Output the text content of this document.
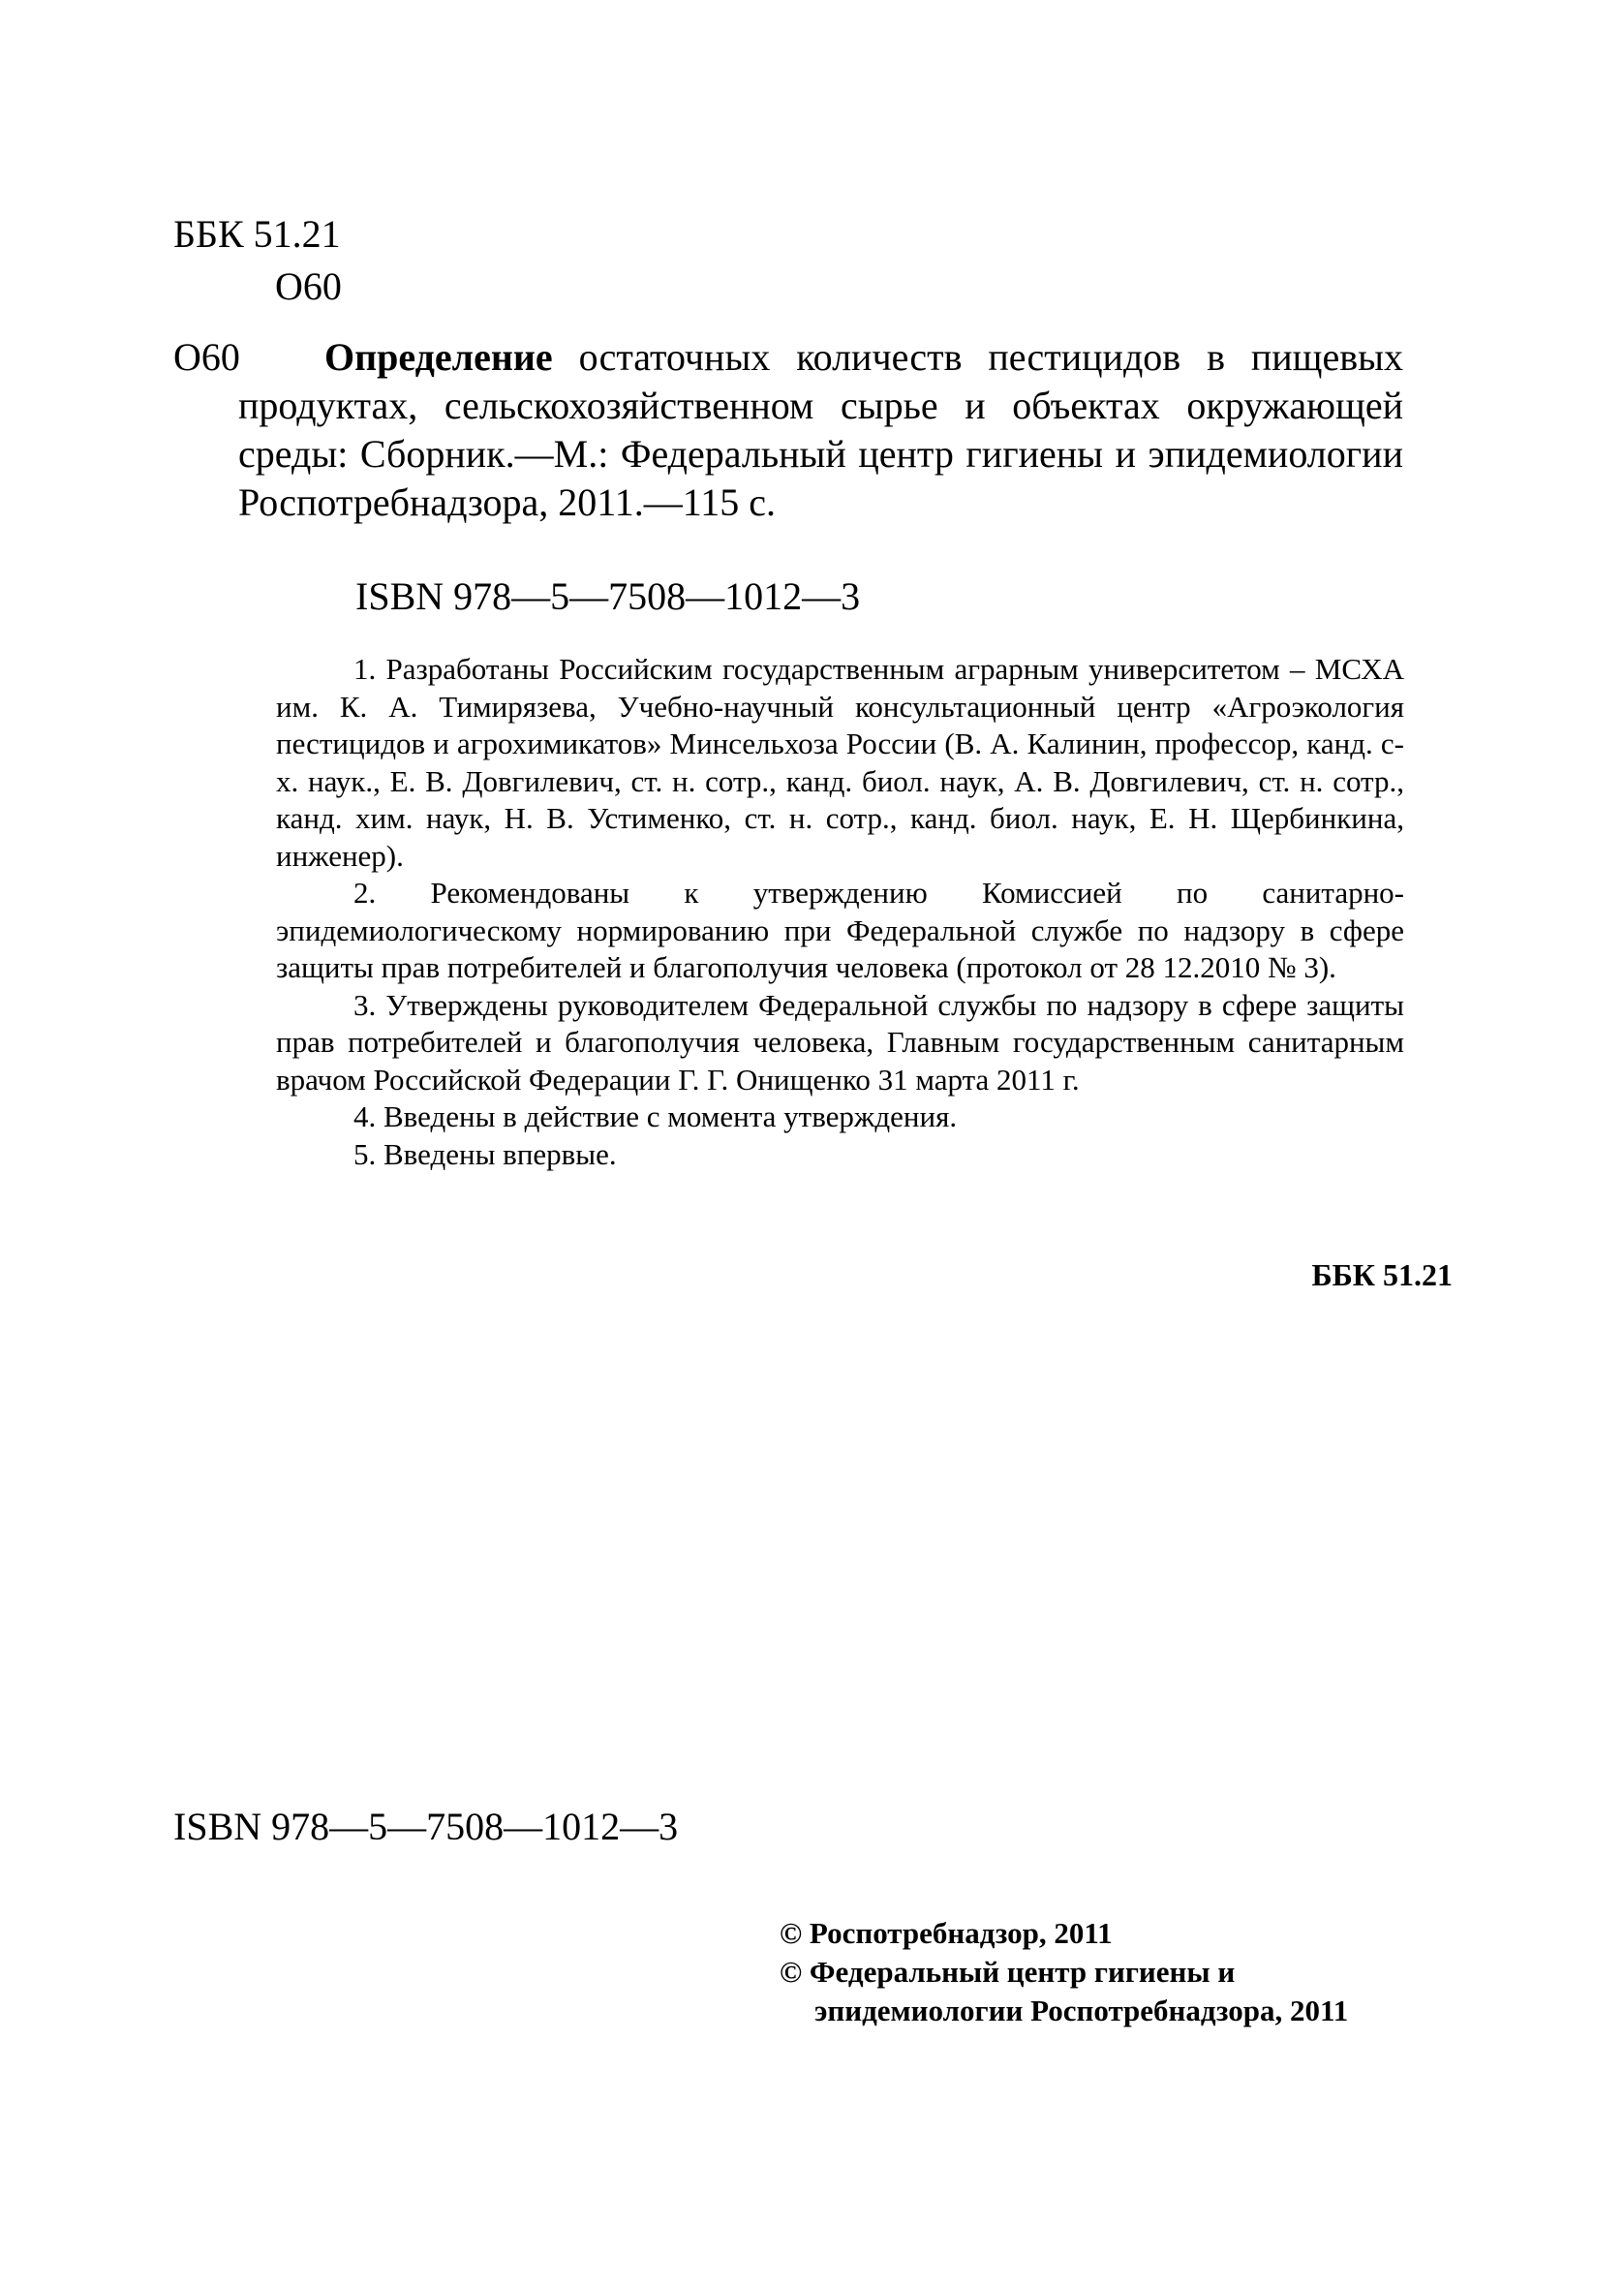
ББК 51.21
О60
О60	Определение остаточных количеств пестицидов в пищевых продуктах, сельскохозяйственном сырье и объектах окружающей среды: Сборник.—М.: Федеральный центр гигиены и эпидемиологии Роспотребнадзора, 2011.—115 с.
ISBN 978—5—7508—1012—3

1. Разработаны Российским государственным аграрным университетом – МСХА им. К. А. Тимирязева, Учебно-научный консультационный центр «Агроэкология пестицидов и агрохимикатов» Минсельхоза России (В. А. Калинин, профессор, канд. с-х. наук., Е. В. Довгилевич, ст. н. сотр., канд. биол. наук, А. В. Довгилевич, ст. н. сотр., канд. хим. наук, Н. В. Устименко, ст. н. сотр., канд. биол. наук, Е. Н. Щербинкина, инженер).

2. Рекомендованы к утверждению Комиссией по санитарно-эпидемиологическому нормированию при Федеральной службе по надзору в сфере защиты прав потребителей и благополучия человека (протокол от 28 12.2010 № 3).

3. Утверждены руководителем Федеральной службы по надзору в сфере защиты прав потребителей и благополучия человека, Главным государственным санитарным врачом Российской Федерации Г. Г. Онищенко 31 марта 2011 г.

4. Введены в действие с момента утверждения.

5. Введены впервые.

ББК 51.21
ISBN 978—5—7508—1012—3
© Роспотребнадзор, 2011
© Федеральный центр гигиены и
эпидемиологии Роспотребнадзора, 2011
